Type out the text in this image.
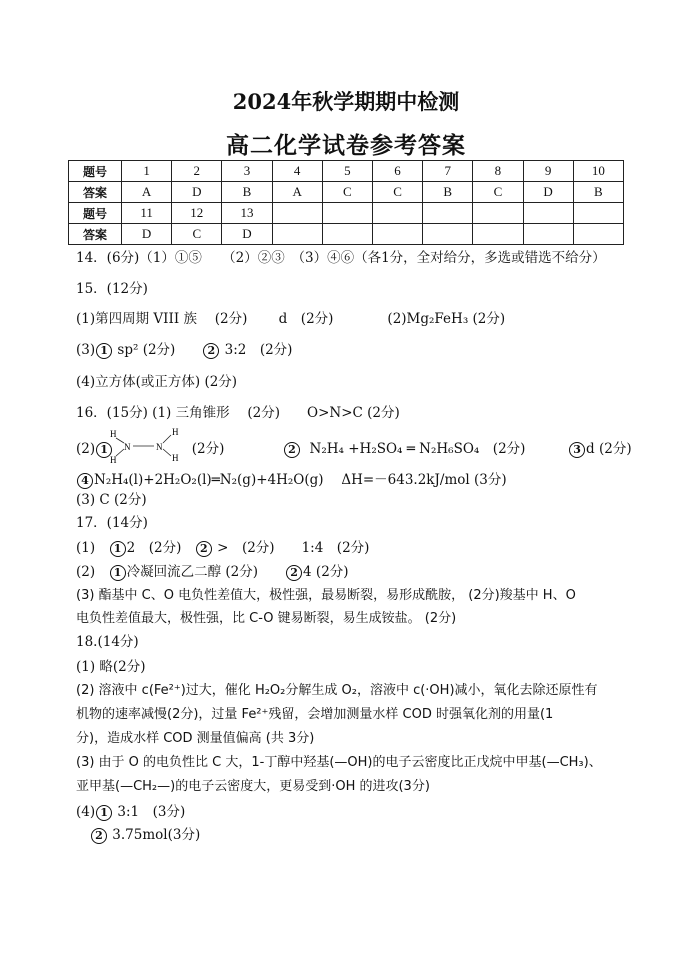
2024年秋学期期中检测
高二化学试卷参考答案
题号	1	2	3	4	5	6	7	8	9	10
答案	A	D	B	A	C	C	B	C	D	B
题号	11	12	13							
答案	D	C	D							
14．(6分)（1）①⑤　　（2）②③　（3）④⑥（各1分，全对给分，多选或错选不给分）
15．(12分)
(1)第四周期 VIII 族　 (2分)　　 d　(2分)　　　　(2)Mg₂FeH₃ (2分)
(3) 1 sp² (2分)　　2 3:2　(2分)
(4)立方体(或正方体) (2分)
16．(15分) (1) 三角锥形　 (2分)　　O>N>C (2分)
(2) 1	(2分)	2 N₂H₄ +H₂SO₄ ═ N₂H₆SO₄　(2分)	3 d (2分)
H
H
N	N
H
H
4 N₂H₄(l)+2H₂O₂(l)═N₂(g)+4H₂O(g)　 ΔH=－643.2kJ/mol (3分)
(3) C (2分)
17．(14分)
(1)　1 2　(2分)　2 >　(2分)　　1:4　(2分)
(2)　1 冷凝回流乙二醇 (2分)　　2 4 (2分)
(3) 酯基中 C、O 电负性差值大，极性强，最易断裂，易形成酰胺， (2分)羧基中 H、O
电负性差值最大，极性强，比 C-O 键易断裂，易生成铵盐。 (2分)
18.(14分)
(1) 略(2分)
(2) 溶液中 c(Fe²⁺)过大，催化 H₂O₂分解生成 O₂，溶液中 c(·OH)减小，氧化去除还原性有
机物的速率减慢(2分)，过量 Fe²⁺残留，会增加测量水样 COD 时强氧化剂的用量(1
分)，造成水样 COD 测量值偏高 (共 3分)
(3) 由于 O 的电负性比 C 大，1-丁醇中羟基(—OH)的电子云密度比正戊烷中甲基(—CH₃)、
亚甲基(—CH₂—)的电子云密度大，更易受到·OH 的进攻(3分)
(4) 1 3:1　(3分)
2 3.75mol(3分)
